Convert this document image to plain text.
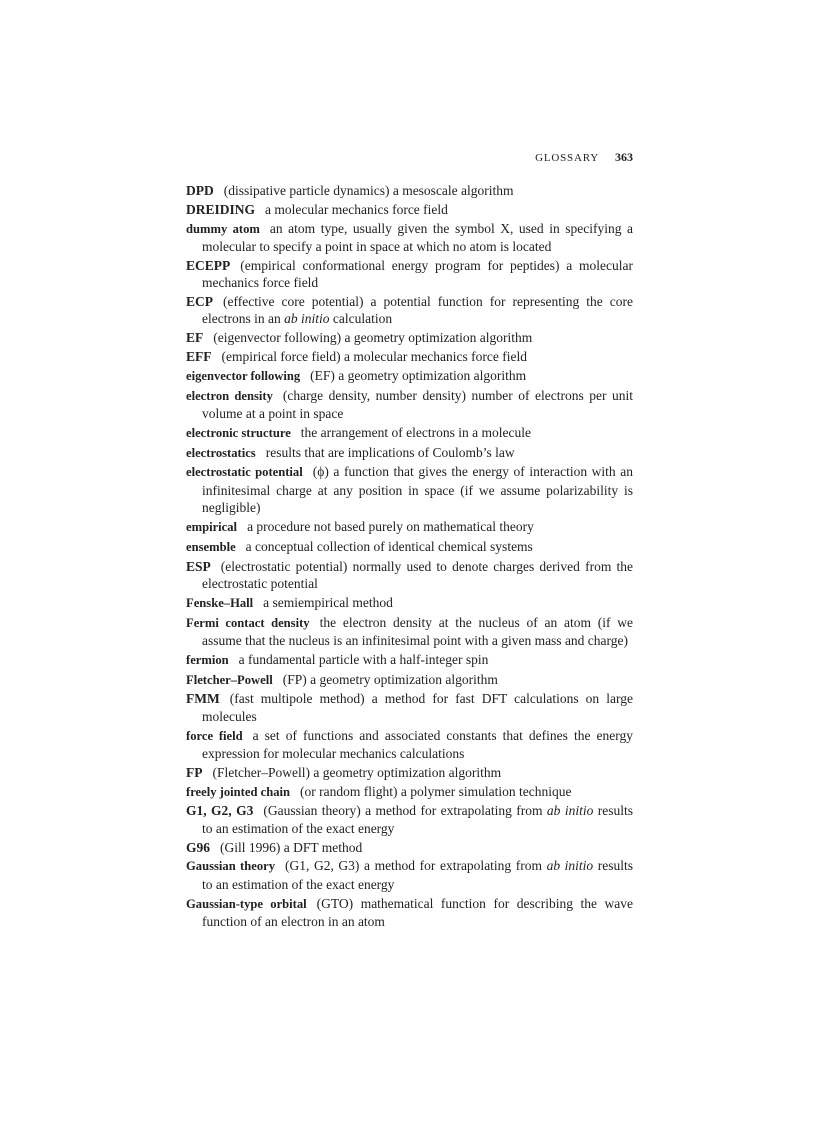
GLOSSARY 363

DPD (dissipative particle dynamics) a mesoscale algorithm

DREIDING a molecular mechanics force field

dummy atom an atom type, usually given the symbol X, used in specifying a molecular to specify a point in space at which no atom is located

ECEPP (empirical conformational energy program for peptides) a molecular mechanics force field

ECP (effective core potential) a potential function for representing the core electrons in an ab initio calculation

EF (eigenvector following) a geometry optimization algorithm

EFF (empirical force field) a molecular mechanics force field

eigenvector following (EF) a geometry optimization algorithm

electron density (charge density, number density) number of electrons per unit volume at a point in space

electronic structure the arrangement of electrons in a molecule

electrostatics results that are implications of Coulomb’s law

electrostatic potential (ϕ) a function that gives the energy of interaction with an infinitesimal charge at any position in space (if we assume polarizability is negligible)

empirical a procedure not based purely on mathematical theory

ensemble a conceptual collection of identical chemical systems

ESP (electrostatic potential) normally used to denote charges derived from the electrostatic potential

Fenske–Hall a semiempirical method

Fermi contact density the electron density at the nucleus of an atom (if we assume that the nucleus is an infinitesimal point with a given mass and charge)

fermion a fundamental particle with a half-integer spin

Fletcher–Powell (FP) a geometry optimization algorithm

FMM (fast multipole method) a method for fast DFT calculations on large molecules

force field a set of functions and associated constants that defines the energy expression for molecular mechanics calculations

FP (Fletcher–Powell) a geometry optimization algorithm

freely jointed chain (or random flight) a polymer simulation technique

G1, G2, G3 (Gaussian theory) a method for extrapolating from ab initio results to an estimation of the exact energy

G96 (Gill 1996) a DFT method

Gaussian theory (G1, G2, G3) a method for extrapolating from ab initio results to an estimation of the exact energy

Gaussian-type orbital (GTO) mathematical function for describing the wave function of an electron in an atom
